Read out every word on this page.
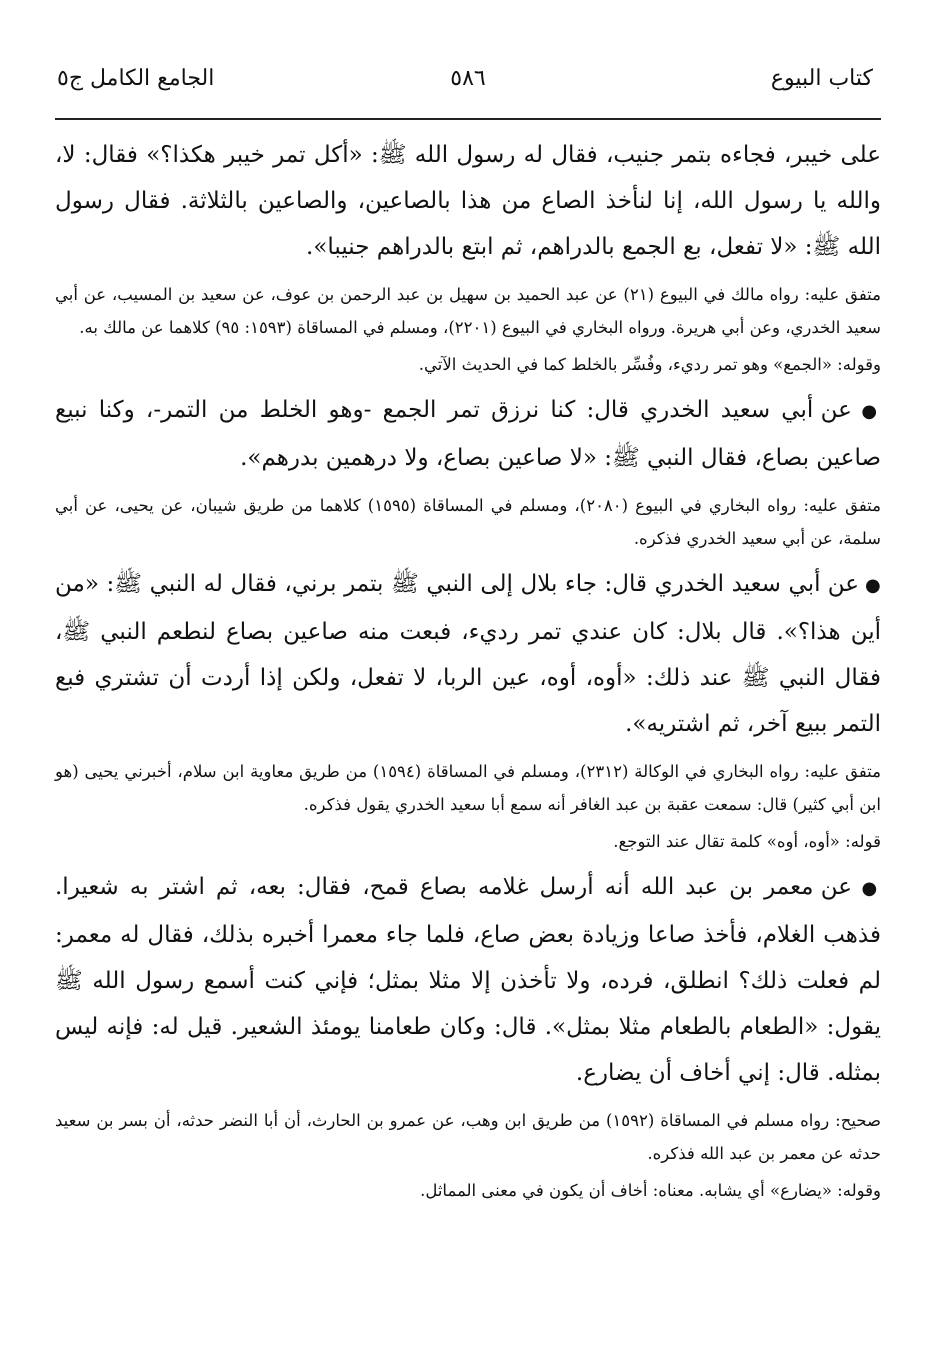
كتاب البيوع
٥٨٦
الجامع الكامل ج٥

على خيبر، فجاءه بتمر جنيب، فقال له رسول الله ﷺ: «أكل تمر خيبر هكذا؟» فقال: لا، والله يا رسول الله، إنا لنأخذ الصاع من هذا بالصاعين، والصاعين بالثلاثة. فقال رسول الله ﷺ: «لا تفعل، بع الجمع بالدراهم، ثم ابتع بالدراهم جنيبا».

متفق عليه: رواه مالك في البيوع (٢١) عن عبد الحميد بن سهيل بن عبد الرحمن بن عوف، عن سعيد بن المسيب، عن أبي سعيد الخدري، وعن أبي هريرة. ورواه البخاري في البيوع (٢٢٠١)، ومسلم في المساقاة (١٥٩٣: ٩٥) كلاهما عن مالك به.

وقوله: «الجمع» وهو تمر رديء، وفُسِّر بالخلط كما في الحديث الآتي.

● عن أبي سعيد الخدري قال: كنا نرزق تمر الجمع -وهو الخلط من التمر-، وكنا نبيع صاعين بصاع، فقال النبي ﷺ: «لا صاعين بصاع، ولا درهمين بدرهم».

متفق عليه: رواه البخاري في البيوع (٢٠٨٠)، ومسلم في المساقاة (١٥٩٥) كلاهما من طريق شيبان، عن يحيى، عن أبي سلمة، عن أبي سعيد الخدري فذكره.

● عن أبي سعيد الخدري قال: جاء بلال إلى النبي ﷺ بتمر برني، فقال له النبي ﷺ: «من أين هذا؟». قال بلال: كان عندي تمر رديء، فبعت منه صاعين بصاع لنطعم النبي ﷺ، فقال النبي ﷺ عند ذلك: «أوه، أوه، عين الربا، لا تفعل، ولكن إذا أردت أن تشتري فبع التمر ببيع آخر، ثم اشتريه».

متفق عليه: رواه البخاري في الوكالة (٢٣١٢)، ومسلم في المساقاة (١٥٩٤) من طريق معاوية ابن سلام، أخبرني يحيى (هو ابن أبي كثير) قال: سمعت عقبة بن عبد الغافر أنه سمع أبا سعيد الخدري يقول فذكره.

قوله: «أوه، أوه» كلمة تقال عند التوجع.

● عن معمر بن عبد الله أنه أرسل غلامه بصاع قمح، فقال: بعه، ثم اشتر به شعيرا. فذهب الغلام، فأخذ صاعا وزيادة بعض صاع، فلما جاء معمرا أخبره بذلك، فقال له معمر: لم فعلت ذلك؟ انطلق، فرده، ولا تأخذن إلا مثلا بمثل؛ فإني كنت أسمع رسول الله ﷺ يقول: «الطعام بالطعام مثلا بمثل». قال: وكان طعامنا يومئذ الشعير. قيل له: فإنه ليس بمثله. قال: إني أخاف أن يضارع.

صحيح: رواه مسلم في المساقاة (١٥٩٢) من طريق ابن وهب، عن عمرو بن الحارث، أن أبا النضر حدثه، أن بسر بن سعيد حدثه عن معمر بن عبد الله فذكره.

وقوله: «يضارع» أي يشابه. معناه: أخاف أن يكون في معنى المماثل.
